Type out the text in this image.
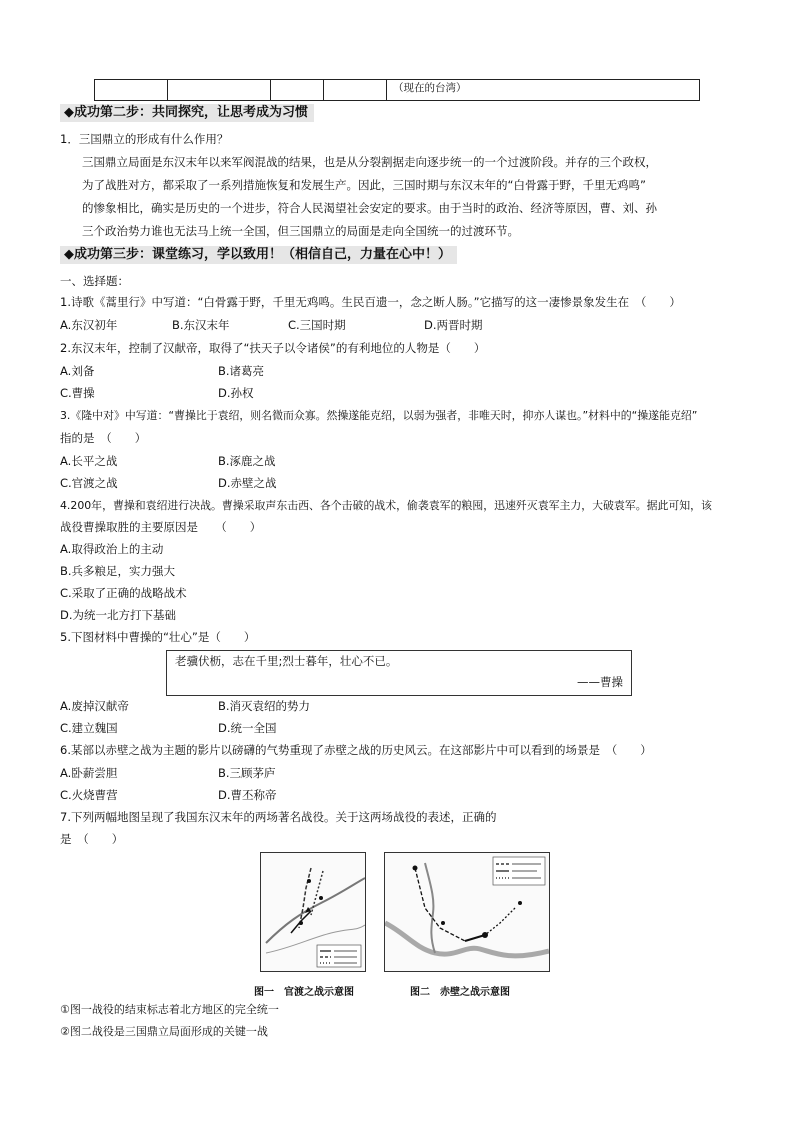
				（现在的台湾）
◆成功第二步：共同探究，让思考成为习惯
1．三国鼎立的形成有什么作用？
三国鼎立局面是东汉末年以来军阀混战的结果，也是从分裂割据走向逐步统一的一个过渡阶段。并存的三个政权，
为了战胜对方，都采取了一系列措施恢复和发展生产。因此，三国时期与东汉末年的“白骨露于野，千里无鸡鸣”
的惨象相比，确实是历史的一个进步，符合人民渴望社会安定的要求。由于当时的政治、经济等原因，曹、刘、孙
三个政治势力谁也无法马上统一全国，但三国鼎立的局面是走向全国统一的过渡环节。
◆成功第三步：课堂练习，学以致用！（相信自己，力量在心中！）
一、选择题：
1.诗歌《蒿里行》中写道：“白骨露于野，千里无鸡鸣。生民百遗一，念之断人肠。”它描写的这一凄惨景象发生在　（　　）
A.东汉初年	B.东汉末年	C.三国时期	D.两晋时期
2.东汉末年，控制了汉献帝，取得了“扶天子以令诸侯”的有利地位的人物是（　　）
A.刘备	B.诸葛亮
C.曹操	D.孙权
3.《隆中对》中写道：“曹操比于袁绍，则名微而众寡。然操遂能克绍，以弱为强者，非唯天时，抑亦人谋也。”材料中的“操遂能克绍”
指的是　（　　）
A.长平之战	B.涿鹿之战
C.官渡之战	D.赤壁之战
4.200年，曹操和袁绍进行决战。曹操采取声东击西、各个击破的战术，偷袭袁军的粮囤，迅速歼灭袁军主力，大破袁军。据此可知，该
战役曹操取胜的主要原因是　　（　　）
A.取得政治上的主动
B.兵多粮足，实力强大
C.采取了正确的战略战术
D.为统一北方打下基础
5.下图材料中曹操的“壮心”是（　　）
老骥伏枥，志在千里;烈士暮年，壮心不已。
——曹操
A.废掉汉献帝	B.消灭袁绍的势力
C.建立魏国	D.统一全国
6.某部以赤壁之战为主题的影片以磅礴的气势重现了赤壁之战的历史风云。在这部影片中可以看到的场景是　（　　）
A.卧薪尝胆	B.三顾茅庐
C.火烧曹营	D.曹丕称帝
7.下列两幅地图呈现了我国东汉末年的两场著名战役。关于这两场战役的表述，正确的
是　（　　）
图一　官渡之战示意图	图二　赤壁之战示意图
①图一战役的结束标志着北方地区的完全统一
②图二战役是三国鼎立局面形成的关键一战
